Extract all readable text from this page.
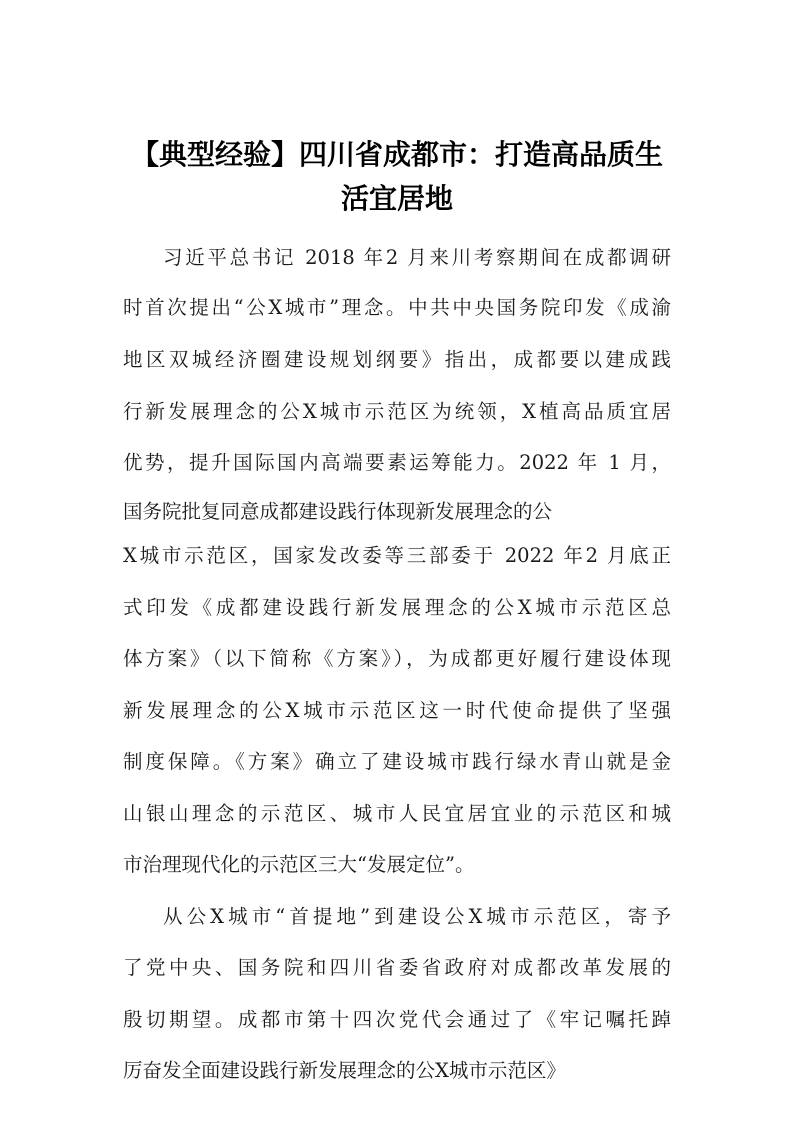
【典型经验】四川省成都市：打造高品质生
活宜居地
习近平总书记 2018 年2 月来川考察期间在成都调研
时首次提出“公X城市”理念。中共中央国务院印发《成渝
地区双城经济圈建设规划纲要》指出，成都要以建成践
行新发展理念的公X城市示范区为统领，X植高品质宜居
优势，提升国际国内高端要素运筹能力。2022 年 1 月，
国务院批复同意成都建设践行体现新发展理念的公
X城市示范区，国家发改委等三部委于 2022 年2 月底正
式印发《成都建设践行新发展理念的公X城市示范区总
体方案》（以下简称《方案》），为成都更好履行建设体现
新发展理念的公X城市示范区这一时代使命提供了坚强
制度保障。《方案》确立了建设城市践行绿水青山就是金
山银山理念的示范区、城市人民宜居宜业的示范区和城
市治理现代化的示范区三大“发展定位”。
从公X城市“首提地”到建设公X城市示范区，寄予
了党中央、国务院和四川省委省政府对成都改革发展的
殷切期望。成都市第十四次党代会通过了《牢记嘱托踔
厉奋发全面建设践行新发展理念的公X城市示范区》
